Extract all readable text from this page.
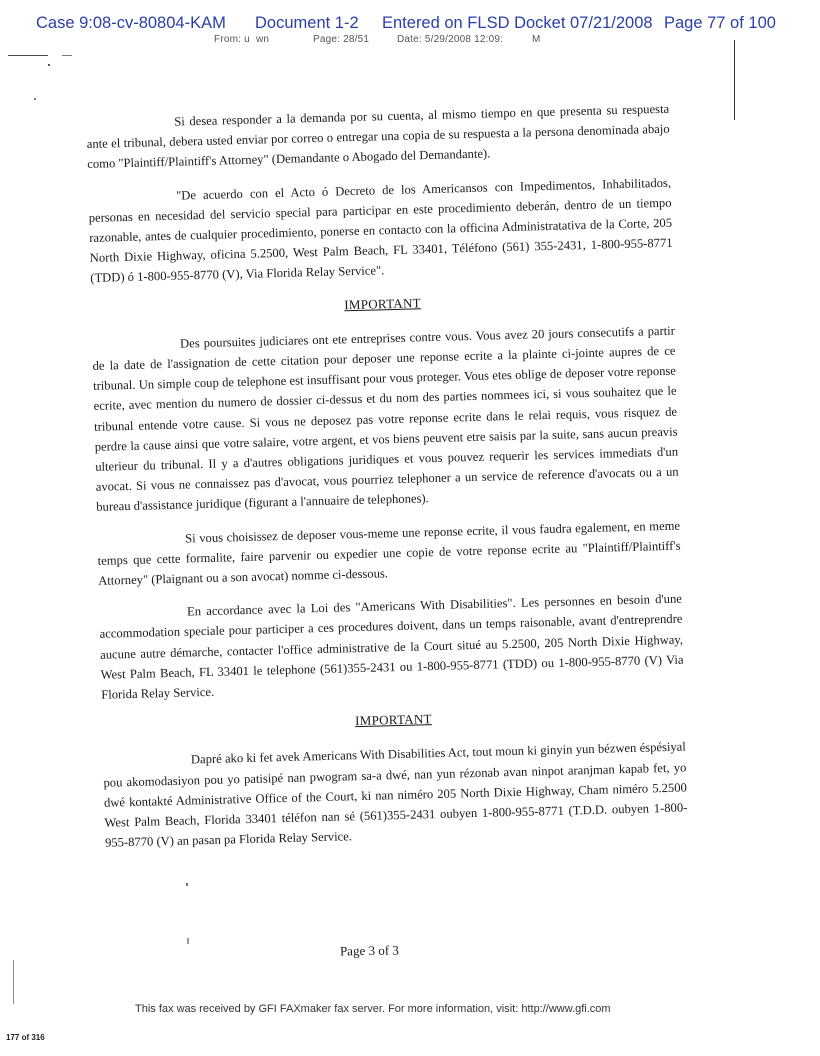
Case 9:08-cv-80804-KAM Document 1-2 Entered on FLSD Docket 07/21/2008 Page 77 of 100
From: u wn	Page: 28/51	Date: 5/29/2008 12:09:	M

Si desea responder a la demanda por su cuenta, al mismo tiempo en que presenta su respuesta ante el tribunal, debera usted enviar por correo o entregar una copia de su respuesta a la persona denominada abajo como "Plaintiff/Plaintiff's Attorney" (Demandante o Abogado del Demandante).

"De acuerdo con el Acto ó Decreto de los Americansos con Impedimentos, Inhabilitados, personas en necesidad del servicio special para participar en este procedimiento deberán, dentro de un tiempo razonable, antes de cualquier procedimiento, ponerse en contacto con la officina Administratativa de la Corte, 205 North Dixie Highway, oficina 5.2500, West Palm Beach, FL 33401, Téléfono (561) 355-2431, 1-800-955-8771 (TDD) ó 1-800-955-8770 (V), Via Florida Relay Service".

IMPORTANT

Des poursuites judiciares ont ete entreprises contre vous. Vous avez 20 jours consecutifs a partir de la date de l'assignation de cette citation pour deposer une reponse ecrite a la plainte ci-jointe aupres de ce tribunal. Un simple coup de telephone est insuffisant pour vous proteger. Vous etes oblige de deposer votre reponse ecrite, avec mention du numero de dossier ci-dessus et du nom des parties nommees ici, si vous souhaitez que le tribunal entende votre cause. Si vous ne deposez pas votre reponse ecrite dans le relai requis, vous risquez de perdre la cause ainsi que votre salaire, votre argent, et vos biens peuvent etre saisis par la suite, sans aucun preavis ulterieur du tribunal. Il y a d'autres obligations juridiques et vous pouvez requerir les services immediats d'un avocat. Si vous ne connaissez pas d'avocat, vous pourriez telephoner a un service de reference d'avocats ou a un bureau d'assistance juridique (figurant a l'annuaire de telephones).

Si vous choisissez de deposer vous-meme une reponse ecrite, il vous faudra egalement, en meme temps que cette formalite, faire parvenir ou expedier une copie de votre reponse ecrite au "Plaintiff/Plaintiff's Attorney" (Plaignant ou a son avocat) nomme ci-dessous.

En accordance avec la Loi des "Americans With Disabilities". Les personnes en besoin d'une accommodation speciale pour participer a ces procedures doivent, dans un temps raisonable, avant d'entreprendre aucune autre démarche, contacter l'office administrative de la Court situé au 5.2500, 205 North Dixie Highway, West Palm Beach, FL 33401 le telephone (561)355-2431 ou 1-800-955-8771 (TDD) ou 1-800-955-8770 (V) Via Florida Relay Service.

IMPORTANT

Dapré ako ki fet avek Americans With Disabilities Act, tout moun ki ginyin yun bézwen éspésiyal pou akomodasiyon pou yo patisipé nan pwogram sa-a dwé, nan yun rézonab avan ninpot aranjman kapab fet, yo dwé kontakté Administrative Office of the Court, ki nan niméro 205 North Dixie Highway, Cham niméro 5.2500 West Palm Beach, Florida 33401 téléfon nan sé (561)355-2431 oubyen 1-800-955-8771 (T.D.D. oubyen 1-800-955-8770 (V) an pasan pa Florida Relay Service.

Page 3 of 3
This fax was received by GFI FAXmaker fax server. For more information, visit: http://www.gfi.com
177 of 316
